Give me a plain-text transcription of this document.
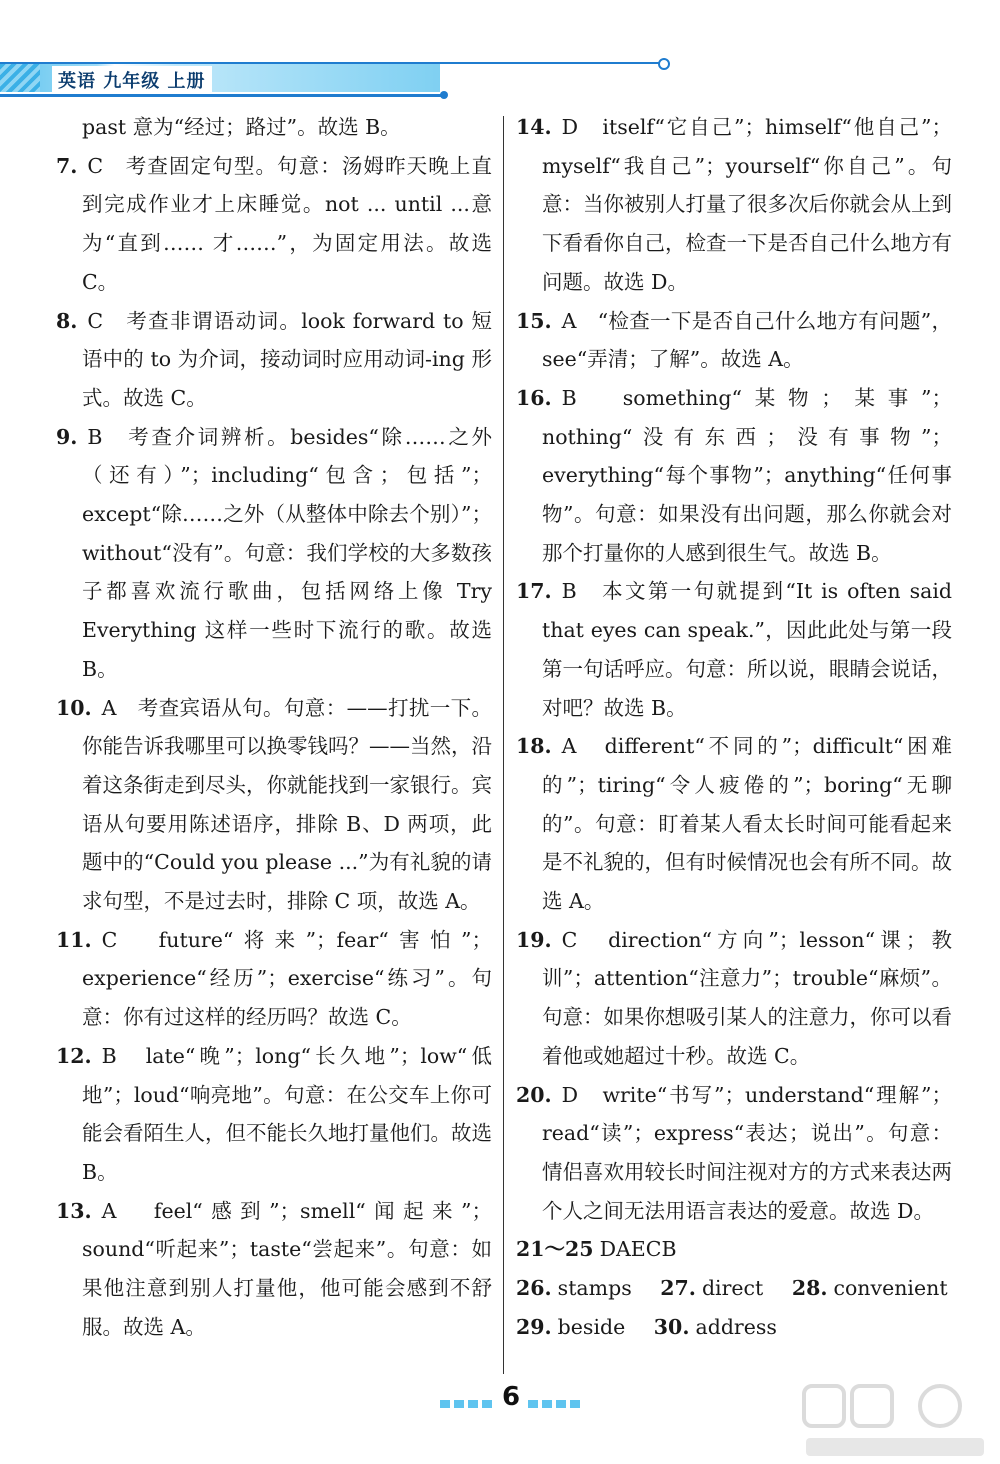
英语 九年级 上册

past 意为“经过；路过”。故选 B。

7. C　考查固定句型。句意：汤姆昨天晚上直到完成作业才上床睡觉。not ... until ...意为“直到…… 才……”，为固定用法。故选 C。

8. C　考查非谓语动词。look forward to 短语中的 to 为介词，接动词时应用动词-ing 形式。故选 C。

9. B　考查介词辨析。besides“除……之外（还有）”；including“包含；包括”；except“除……之外（从整体中除去个别）”；without“没有”。句意：我们学校的大多数孩子都喜欢流行歌曲，包括网络上像 Try Everything 这样一些时下流行的歌。故选 B。

10. A　考查宾语从句。句意：——打扰一下。你能告诉我哪里可以换零钱吗？——当然，沿着这条街走到尽头，你就能找到一家银行。宾语从句要用陈述语序，排除 B、D 两项，此题中的“Could you please ...”为有礼貌的请求句型，不是过去时，排除 C 项，故选 A。

11. C　future“将来”；fear“害怕”；experience“经历”；exercise“练习”。句意：你有过这样的经历吗？故选 C。

12. B　late“晚”；long“长久地”；low“低地”；loud“响亮地”。句意：在公交车上你可能会看陌生人，但不能长久地打量他们。故选 B。

13. A　feel“感到”；smell“闻起来”；sound“听起来”；taste“尝起来”。句意：如果他注意到别人打量他，他可能会感到不舒服。故选 A。

14. D　itself“它自己”；himself“他自己”；myself“我自己”；yourself“你自己”。句意：当你被别人打量了很多次后你就会从上到下看看你自己，检查一下是否自己什么地方有问题。故选 D。

15. A　“检查一下是否自己什么地方有问题”，see“弄清；了解”。故选 A。

16. B　something“某物；某事”；nothing“没有东西；没有事物”；everything“每个事物”；anything“任何事物”。句意：如果没有出问题，那么你就会对那个打量你的人感到很生气。故选 B。

17. B　本文第一句就提到“It is often said that eyes can speak.”，因此此处与第一段第一句话呼应。句意：所以说，眼睛会说话，对吧？故选 B。

18. A　different“不同的”；difficult“困难的”；tiring“令人疲倦的”；boring“无聊的”。句意：盯着某人看太长时间可能看起来是不礼貌的，但有时候情况也会有所不同。故选 A。

19. C　direction“方向”；lesson“课；教训”；attention“注意力”；trouble“麻烦”。句意：如果你想吸引某人的注意力，你可以看着他或她超过十秒。故选 C。

20. D　write“书写”；understand“理解”；read“读”；express“表达；说出”。句意：情侣喜欢用较长时间注视对方的方式来表达两个人之间无法用语言表达的爱意。故选 D。

21～25 DAECB

26. stamps 27. direct 28. convenient

29. beside 30. address

6
